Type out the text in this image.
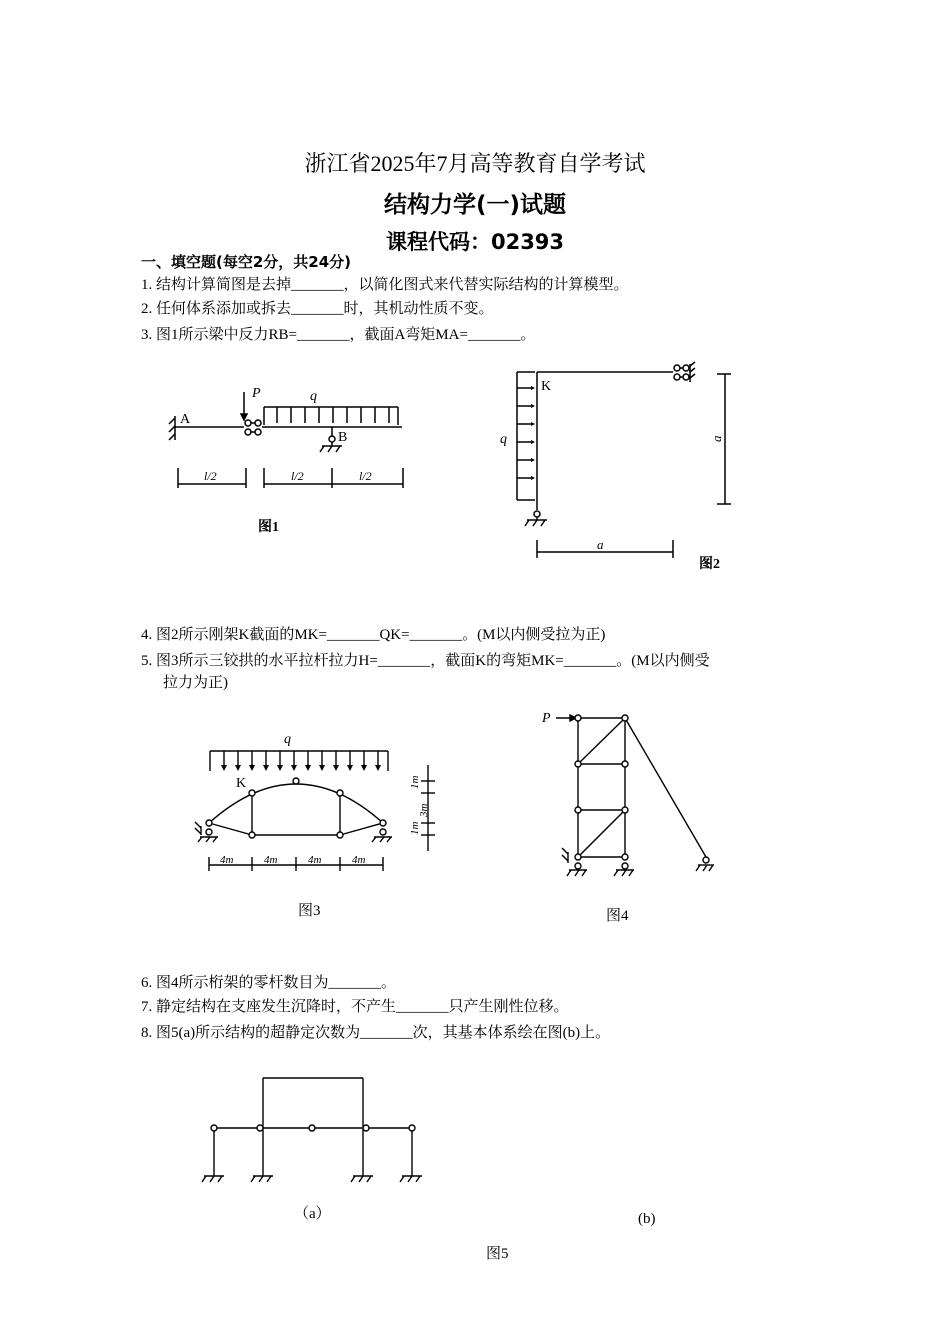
浙江省2025年7月高等教育自学考试
结构力学(一)试题
课程代码：02393
一、填空题(每空2分，共24分)
1. 结构计算简图是去掉_______，以简化图式来代替实际结构的计算模型。
2. 任何体系添加或拆去_______时，其机动性质不变。
3. 图1所示梁中反力RB=_______，截面A弯矩MA=_______。
A
P	q
B
l/2	l/2	l/2
图1
K
q	a
a
图2
4. 图2所示刚架K截面的MK=_______QK=_______。(M以内侧受拉为正)
5. 图3所示三铰拱的水平拉杆拉力H=_______，截面K的弯矩MK=_______。(M以内侧受
拉力为正)
q
K	1m
3m
1m
4m	4m	4m	4m
图3
P
图4
6. 图4所示桁架的零杆数目为_______。
7. 静定结构在支座发生沉降时，不产生_______只产生刚性位移。
8. 图5(a)所示结构的超静定次数为_______次，其基本体系绘在图(b)上。
（a）	(b)
图5
